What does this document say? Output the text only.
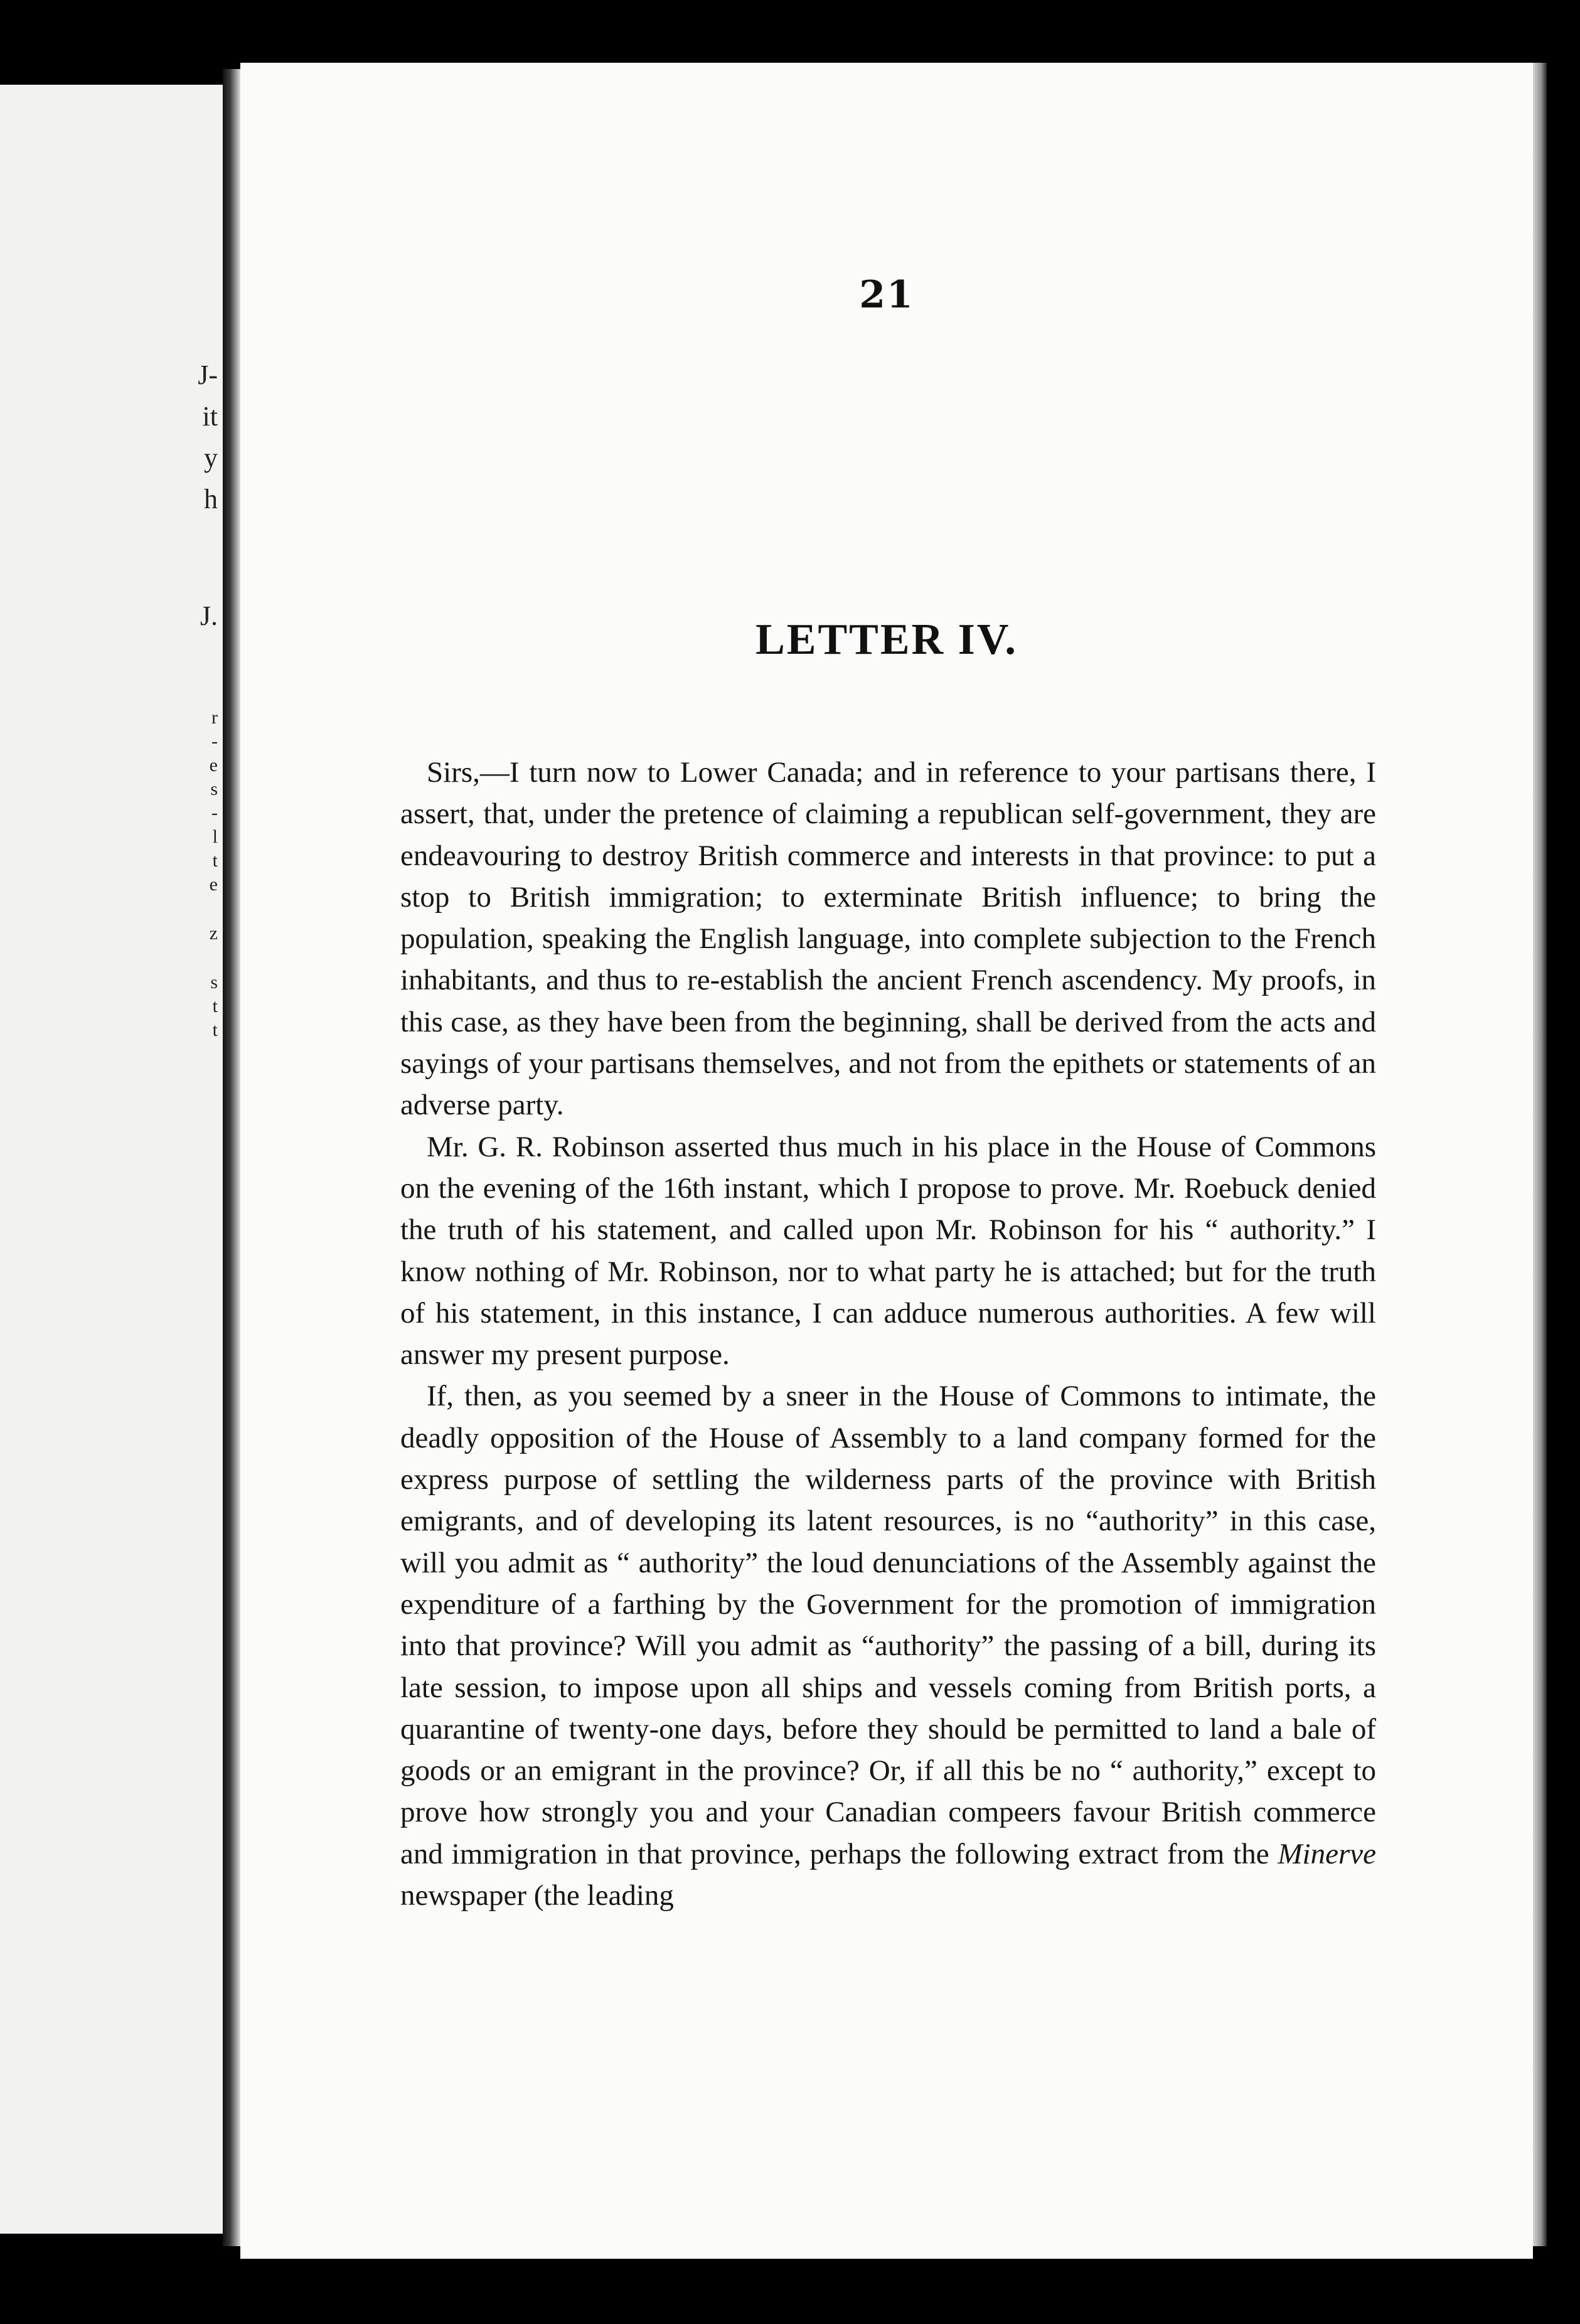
J-
it
y
h
J.
r
-
e
s
-
l
t
e
z
s
t
t
21
LETTER IV.

Sirs,—I turn now to Lower Canada; and in reference to your partisans there, I assert, that, under the pretence of claiming a republican self-government, they are endeavouring to destroy British commerce and interests in that province: to put a stop to British immigration; to exterminate British influence; to bring the population, speaking the English language, into complete subjection to the French inhabitants, and thus to re-establish the ancient French ascendency. My proofs, in this case, as they have been from the beginning, shall be derived from the acts and sayings of your partisans themselves, and not from the epithets or statements of an adverse party.

Mr. G. R. Robinson asserted thus much in his place in the House of Commons on the evening of the 16th instant, which I propose to prove. Mr. Roebuck denied the truth of his statement, and called upon Mr. Robinson for his “ authority.” I know nothing of Mr. Robinson, nor to what party he is attached; but for the truth of his statement, in this instance, I can adduce numerous authorities. A few will answer my present purpose.

If, then, as you seemed by a sneer in the House of Commons to intimate, the deadly opposition of the House of Assembly to a land company formed for the express purpose of settling the wilderness parts of the province with British emigrants, and of developing its latent resources, is no “authority” in this case, will you admit as “ authority” the loud denunciations of the Assembly against the expenditure of a farthing by the Government for the promotion of immigration into that province? Will you admit as “authority” the passing of a bill, during its late session, to impose upon all ships and vessels coming from British ports, a quarantine of twenty-one days, before they should be permitted to land a bale of goods or an emigrant in the province? Or, if all this be no “ authority,” except to prove how strongly you and your Canadian compeers favour British commerce and immigration in that province, perhaps the following extract from the Minerve newspaper (the leading
